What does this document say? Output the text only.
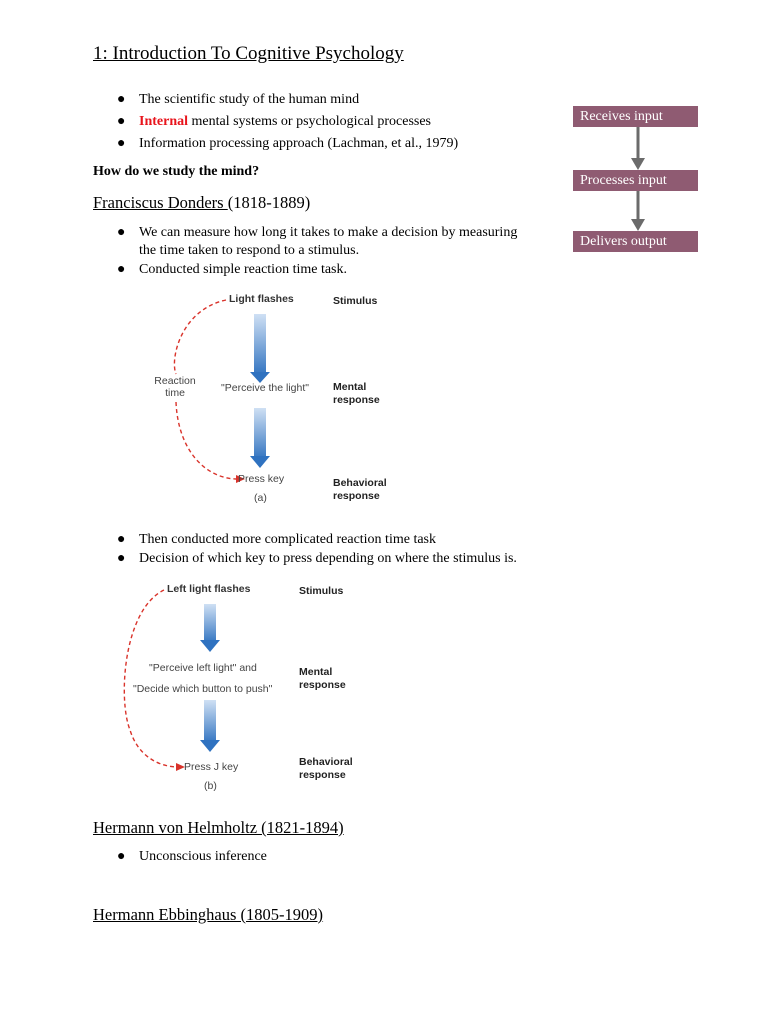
1: Introduction To Cognitive Psychology
● The scientific study of the human mind
● Internal mental systems or psychological processes
● Information processing approach (Lachman, et al., 1979)
How do we study the mind?
Franciscus Donders (1818-1889)
● We can measure how long it takes to make a decision by measuring
the time taken to respond to a stimulus.
● Conducted simple reaction time task.
Receives input
Processes input
Delivers output
Light flashes
"Perceive the light"
Press key
Reaction
time
(a)
Stimulus
Mental
response
Behavioral
response
● Then conducted more complicated reaction time task
● Decision of which key to press depending on where the stimulus is.
Left light flashes
"Perceive left light" and
"Decide which button to push"
Press J key
(b)
Stimulus
Mental
response
Behavioral
response
Hermann von Helmholtz (1821-1894)
● Unconscious inference
Hermann Ebbinghaus (1805-1909)
